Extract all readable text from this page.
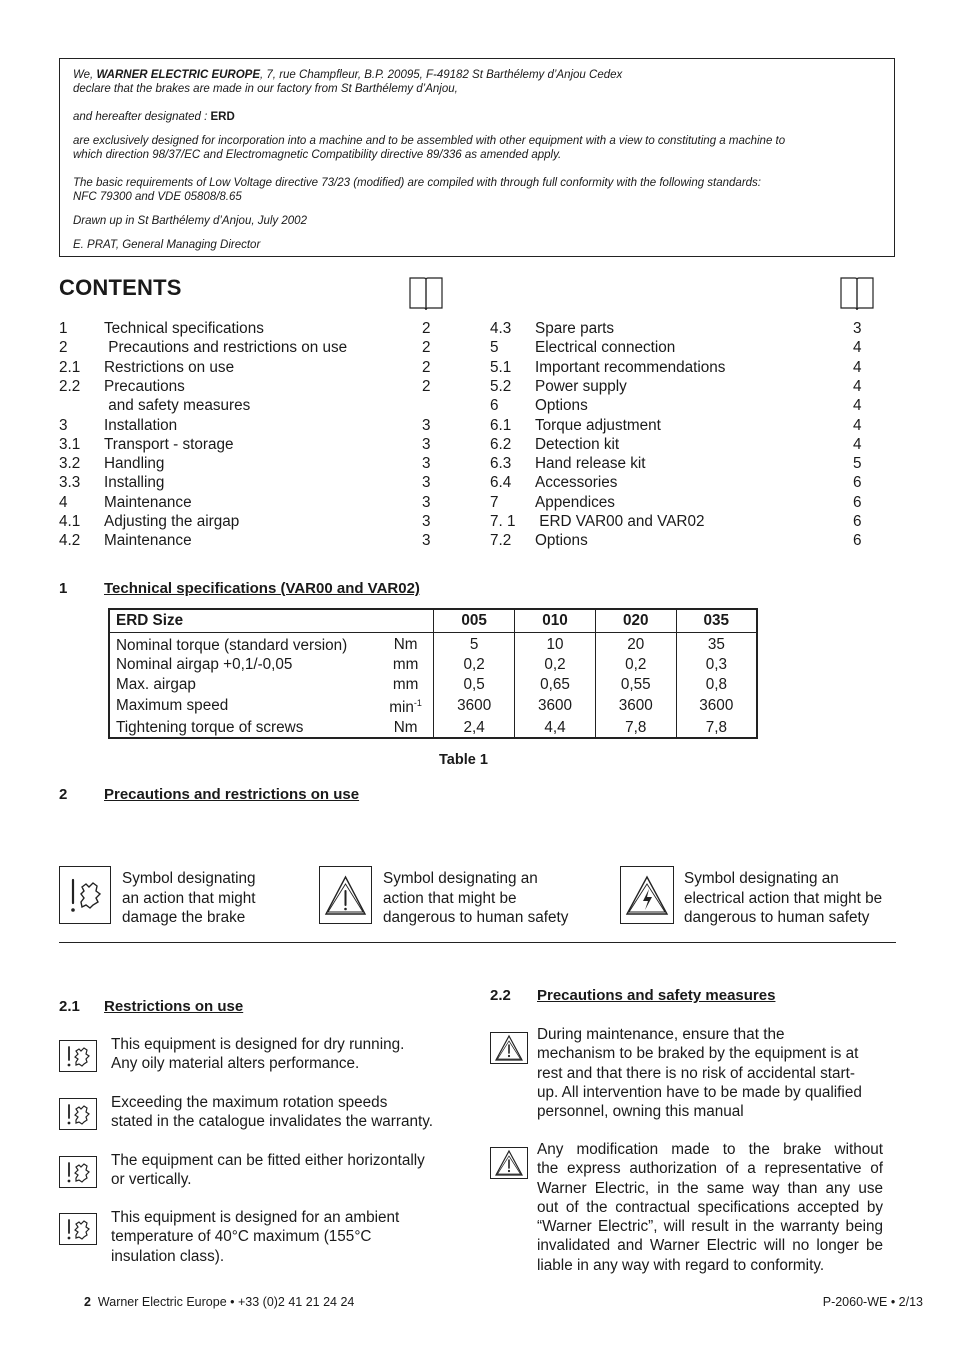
We, WARNER ELECTRIC EUROPE, 7, rue Champfleur, B.P. 20095, F-49182 St Barthélemy d’Anjou Cedex

declare that the brakes are made in our factory from St Barthélemy d’Anjou,

and hereafter designated : ERD

are exclusively designed for incorporation into a machine and to be assembled with other equipment with a view to constituting a machine to

which direction 98/37/EC and Electromagnetic Compatibility directive 89/336 as amended apply.

The basic requirements of Low Voltage directive 73/23 (modified) are compiled with through full conformity with the following standards:

NFC 79300 and VDE 05808/8.65

Drawn up in St Barthélemy d’Anjou, July 2002

E. PRAT, General Managing Director

CONTENTS
1 Technical specifications	2
2 Precautions and restrictions on use	2
2.1 Restrictions on use	2
2.2 Precautions	2
and safety measures
3 Installation	3
3.1 Transport - storage	3
3.2 Handling	3
3.3 Installing	3
4 Maintenance	3
4.1 Adjusting the airgap	3
4.2 Maintenance	3
4.3 Spare parts	3
5 Electrical connection	4
5.1 Important recommendations	4
5.2 Power supply	4
6 Options	4
6.1 Torque adjustment	4
6.2 Detection kit	4
6.3 Hand release kit	5
6.4 Accessories	6
7 Appendices	6
7. 1 ERD VAR00 and VAR02	6
7.2 Options	6
1 Technical specifications (VAR00 and VAR02)
ERD Size		005	010	020	035
Nominal torque (standard version)	Nm	5	10	20	35
Nominal airgap +0,1/-0,05	mm	0,2	0,2	0,2	0,3
Max. airgap	mm	0,5	0,65	0,55	0,8
Maximum speed	$\min^{-1}$	3600	3600	3600	3600
Tightening torque of screws	Nm	2,4	4,4	7,8	7,8
Table 1
2 Precautions and restrictions on use
Symbol designating
an action that might
damage the brake
Symbol designating an
action that might be
dangerous to human safety
Symbol designating an
electrical action that might be
dangerous to human safety
2.1 Restrictions on use
This equipment is designed for dry running.
Any oily material alters performance.
Exceeding the maximum rotation speeds
stated in the catalogue invalidates the warranty.
The equipment can be fitted either horizontally
or vertically.
This equipment is designed for an ambient
temperature of 40°C maximum (155°C
insulation class).
2.2 Precautions and safety measures
During maintenance, ensure that the
mechanism to be braked by the equipment is at
rest and that there is no risk of accidental start-
up. All intervention have to be made by qualified
personnel, owning this manual
Any modification made to the brake without
the express authorization of a representative of
Warner Electric, in the same way than any use
out of the contractual specifications accepted by
“Warner Electric”, will result in the warranty being
invalidated and Warner Electric will no longer be
liable in any way with regard to conformity.
2 Warner Electric Europe • +33 (0)2 41 21 24 24	P-2060-WE • 2/13
